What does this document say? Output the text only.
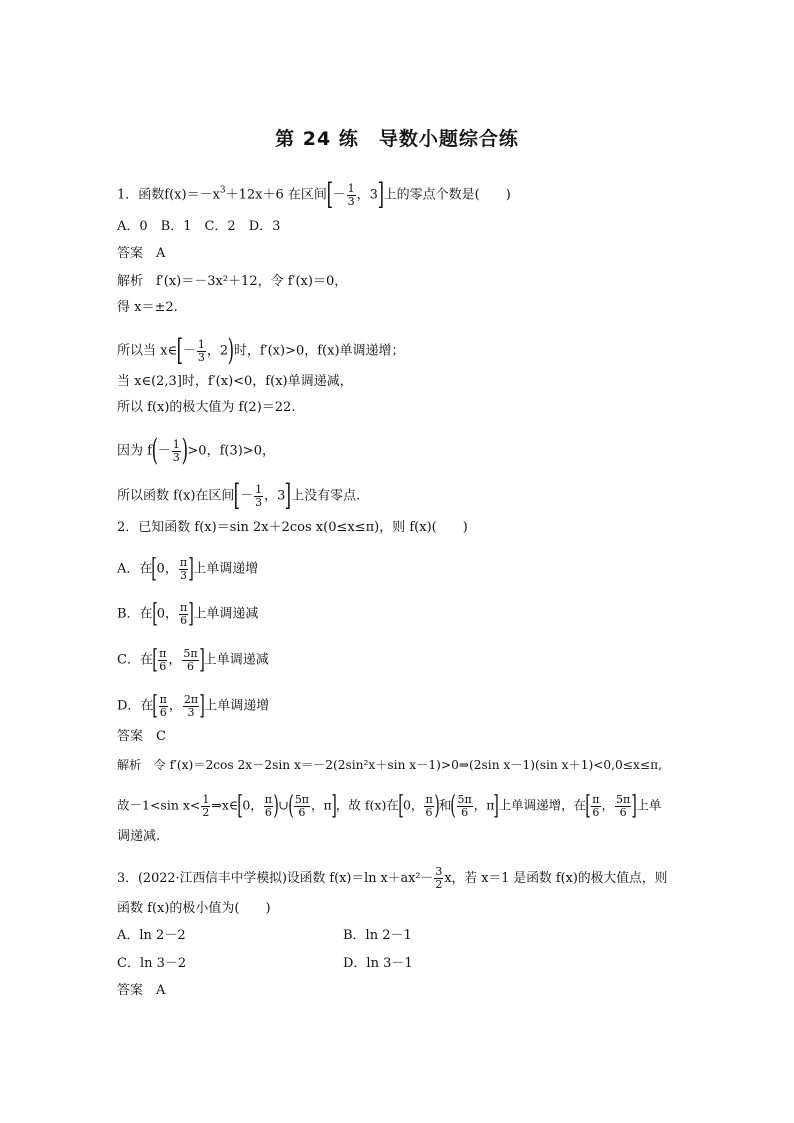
第 24 练　导数小题综合练
1．函数$f(x)=-x^3+12x+6$ 在区间[－ $\frac{1}{3}$ ，3]上的零点个数是(　　)
A．0　B．1　C．2　D．3
答案　A
解析　f′(x)＝－3x²＋12，令 f′(x)＝0，
得 x＝±2.
所以当 x∈[－ $\frac{1}{3}$ ，2)时，f′(x)>0，f(x)单调递增；
当 x∈(2,3]时，f′(x)<0，f(x)单调递减，
所以 f(x)的极大值为 f(2)＝22.
因为 $f(- \frac{1}{3} )>0$，f(3)>0，
所以函数 f(x)在区间[－ $\frac{1}{3}$ ，3]上没有零点.
2．已知函数 f(x)＝sin 2x＋2cos x(0≤x≤π)，则 f(x)(　　)
A．在[0， $\frac{\pi}{3}$ ]上单调递增
B．在[0， $\frac{\pi}{6}$ ]上单调递减
C．在[ $\frac{\pi}{6}$ ， $\frac{5\pi}{6}$ ]上单调递减
D．在[ $\frac{\pi}{6}$ ， $\frac{2\pi}{3}$ ]上单调递增
答案　C
解析　令 f′(x)＝2cos 2x－2sin x＝－2(2sin²x＋sin x－1)>0⇒(2sin x－1)(sin x＋1)<0,0≤x≤π,
故－1<sin $x< \frac{1}{2}$ ⇒x∈[0， $\frac{\pi}{6}$ )∪( $\frac{5\pi}{6}$ ，π]，故 f(x)在[0， $\frac{\pi}{6}$ )和( $\frac{5\pi}{6}$ ，π]上单调递增，在[ $\frac{\pi}{6}$ ， $\frac{5\pi}{6}$ ]上单
调递减.
3．(2022·江西信丰中学模拟)设函数 f(x)＝ln $x+ax^2- \frac{3}{2}$ x，若 x＝1 是函数 f(x)的极大值点，则
函数 f(x)的极小值为(　　)
A．ln 2－2	B．ln 2－1
C．ln 3－2	D．ln 3－1
答案　A
